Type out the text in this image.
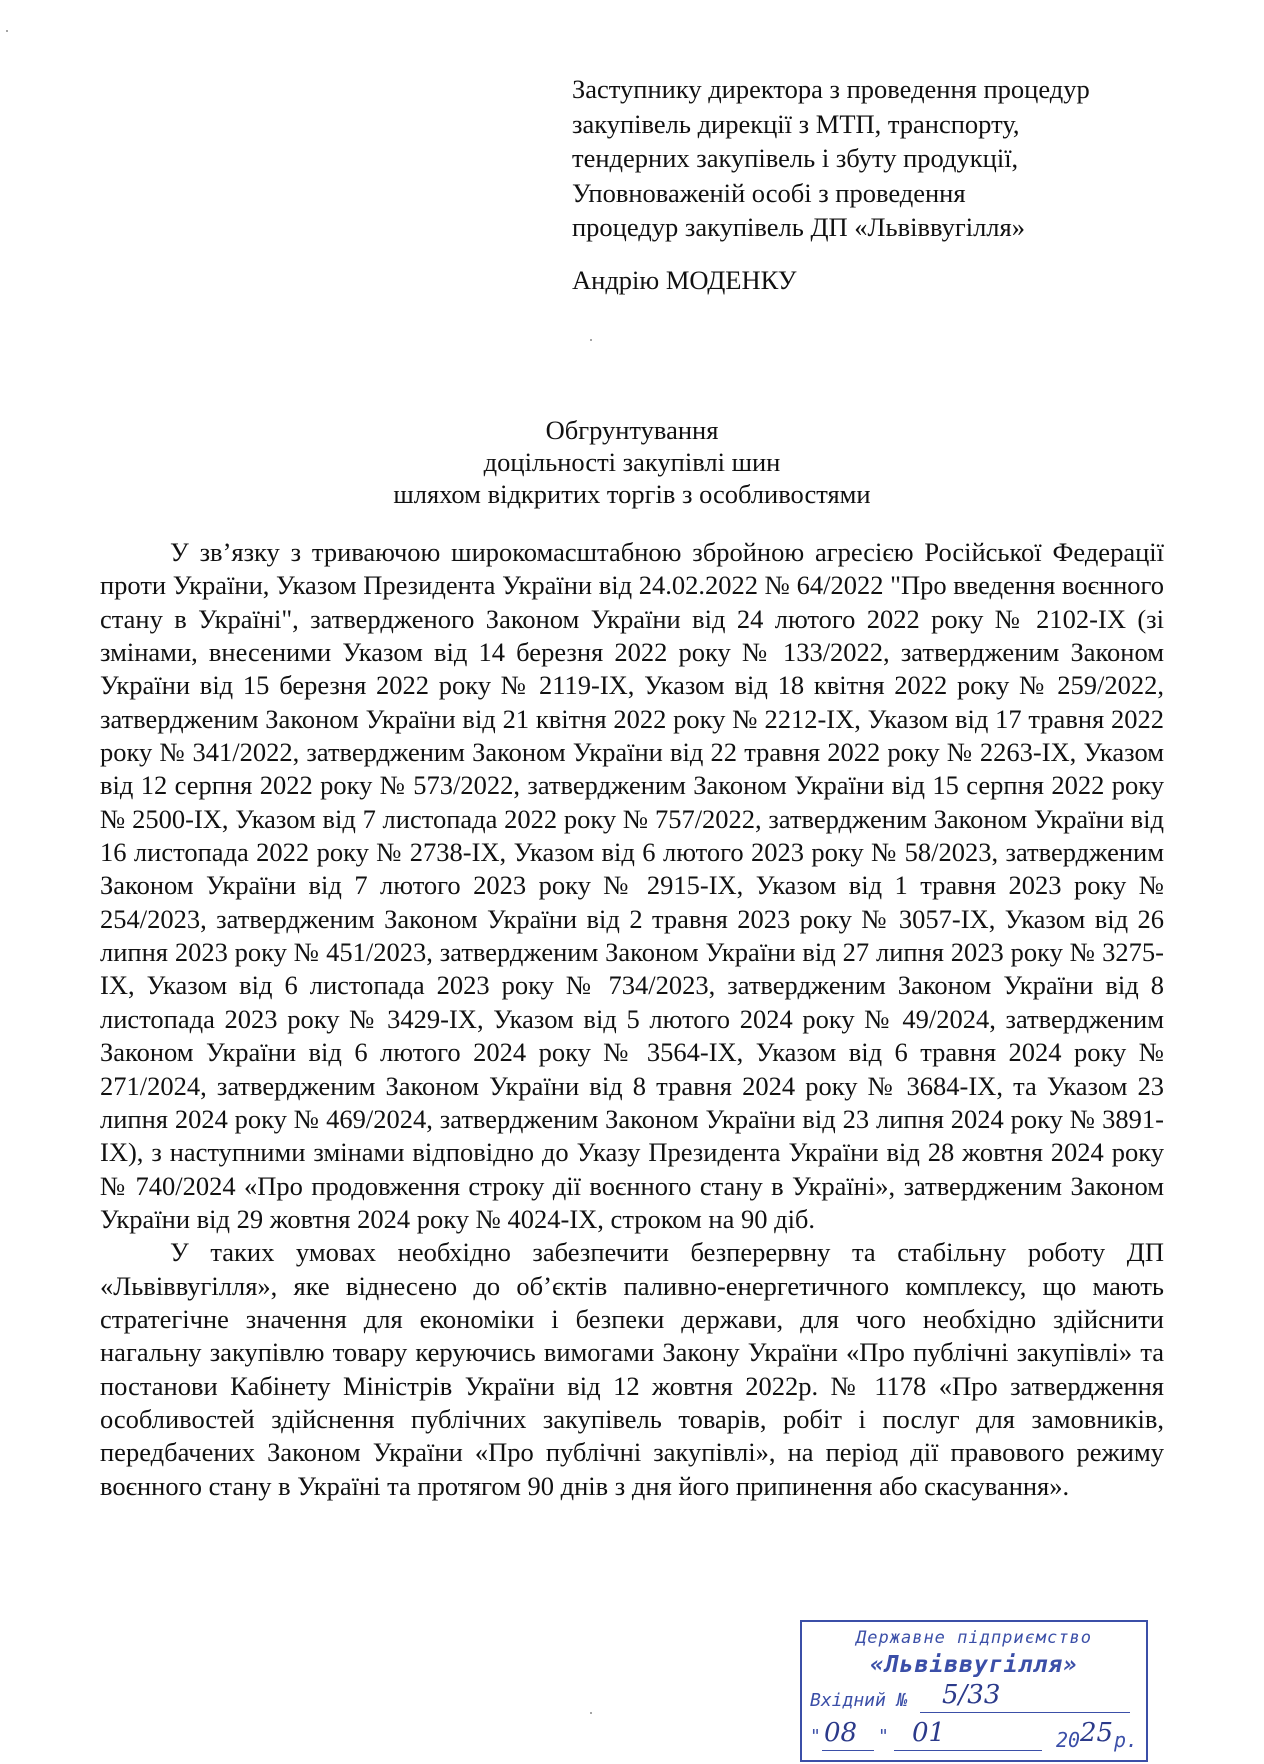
Заступнику директора з проведення процедур
закупівель дирекції з МТП, транспорту,
тендерних закупівель і збуту продукції,
Уповноваженій особі з проведення
процедур закупівель ДП «Львіввугілля»
Андрію МОДЕНКУ
Обгрунтування
доцільності закупівлі шин
шляхом відкритих торгів з особливостями

У зв’язку з триваючою широкомасштабною збройною агресією Російської Федерації проти України, Указом Президента України від 24.02.2022 № 64/2022 "Про введення воєнного стану в Україні", затвердженого Законом України від 24 лютого 2022 року № 2102-ІХ (зі змінами, внесеними Указом від 14 березня 2022 року № 133/2022, затвердженим Законом України від 15 березня 2022 року № 2119-IX, Указом від 18 квітня 2022 року № 259/2022, затвердженим Законом України від 21 квітня 2022 року № 2212-IX, Указом від 17 травня 2022 року № 341/2022, затвердженим Законом України від 22 травня 2022 року № 2263-IX, Указом від 12 серпня 2022 року № 573/2022, затвердженим Законом України від 15 серпня 2022 року № 2500-IX, Указом від 7 листопада 2022 року № 757/2022, затвердженим Законом України від 16 листопада 2022 року № 2738-IX, Указом від 6 лютого 2023 року № 58/2023, затвердженим Законом України від 7 лютого 2023 року № 2915-IX, Указом від 1 травня 2023 року № 254/2023, затвердженим Законом України від 2 травня 2023 року № 3057-IX, Указом від 26 липня 2023 року № 451/2023, затвердженим Законом України від 27 липня 2023 року № 3275-IX, Указом від 6 листопада 2023 року № 734/2023, затвердженим Законом України від 8 листопада 2023 року № 3429-IX, Указом від 5 лютого 2024 року № 49/2024, затвердженим Законом України від 6 лютого 2024 року № 3564-IX, Указом від 6 травня 2024 року № 271/2024, затвердженим Законом України від 8 травня 2024 року № 3684-IX, та Указом 23 липня 2024 року № 469/2024, затвердженим Законом України від 23 липня 2024 року № 3891-IX), з наступними змінами відповідно до Указу Президента України від 28 жовтня 2024 року № 740/2024 «Про продовження строку дії воєнного стану в Україні», затвердженим Законом України від 29 жовтня 2024 року № 4024-IX, строком на 90 діб.

У таких умовах необхідно забезпечити безперервну та стабільну роботу ДП «Львіввугілля», яке віднесено до об’єктів паливно-енергетичного комплексу, що мають стратегічне значення для економіки і безпеки держави, для чого необхідно здійснити нагальну закупівлю товару керуючись вимогами Закону України «Про публічні закупівлі» та постанови Кабінету Міністрів України від 12 жовтня 2022р. № 1178 «Про затвердження особливостей здійснення публічних закупівель товарів, робіт і послуг для замовників, передбачених Законом України «Про публічні закупівлі», на період дії правового режиму воєнного стану в Україні та протягом 90 днів з дня його припинення або скасування».

Державне підприємство
«Львіввугілля»
Вхідний № 5/33
" 08 " 01	20 25 р.
